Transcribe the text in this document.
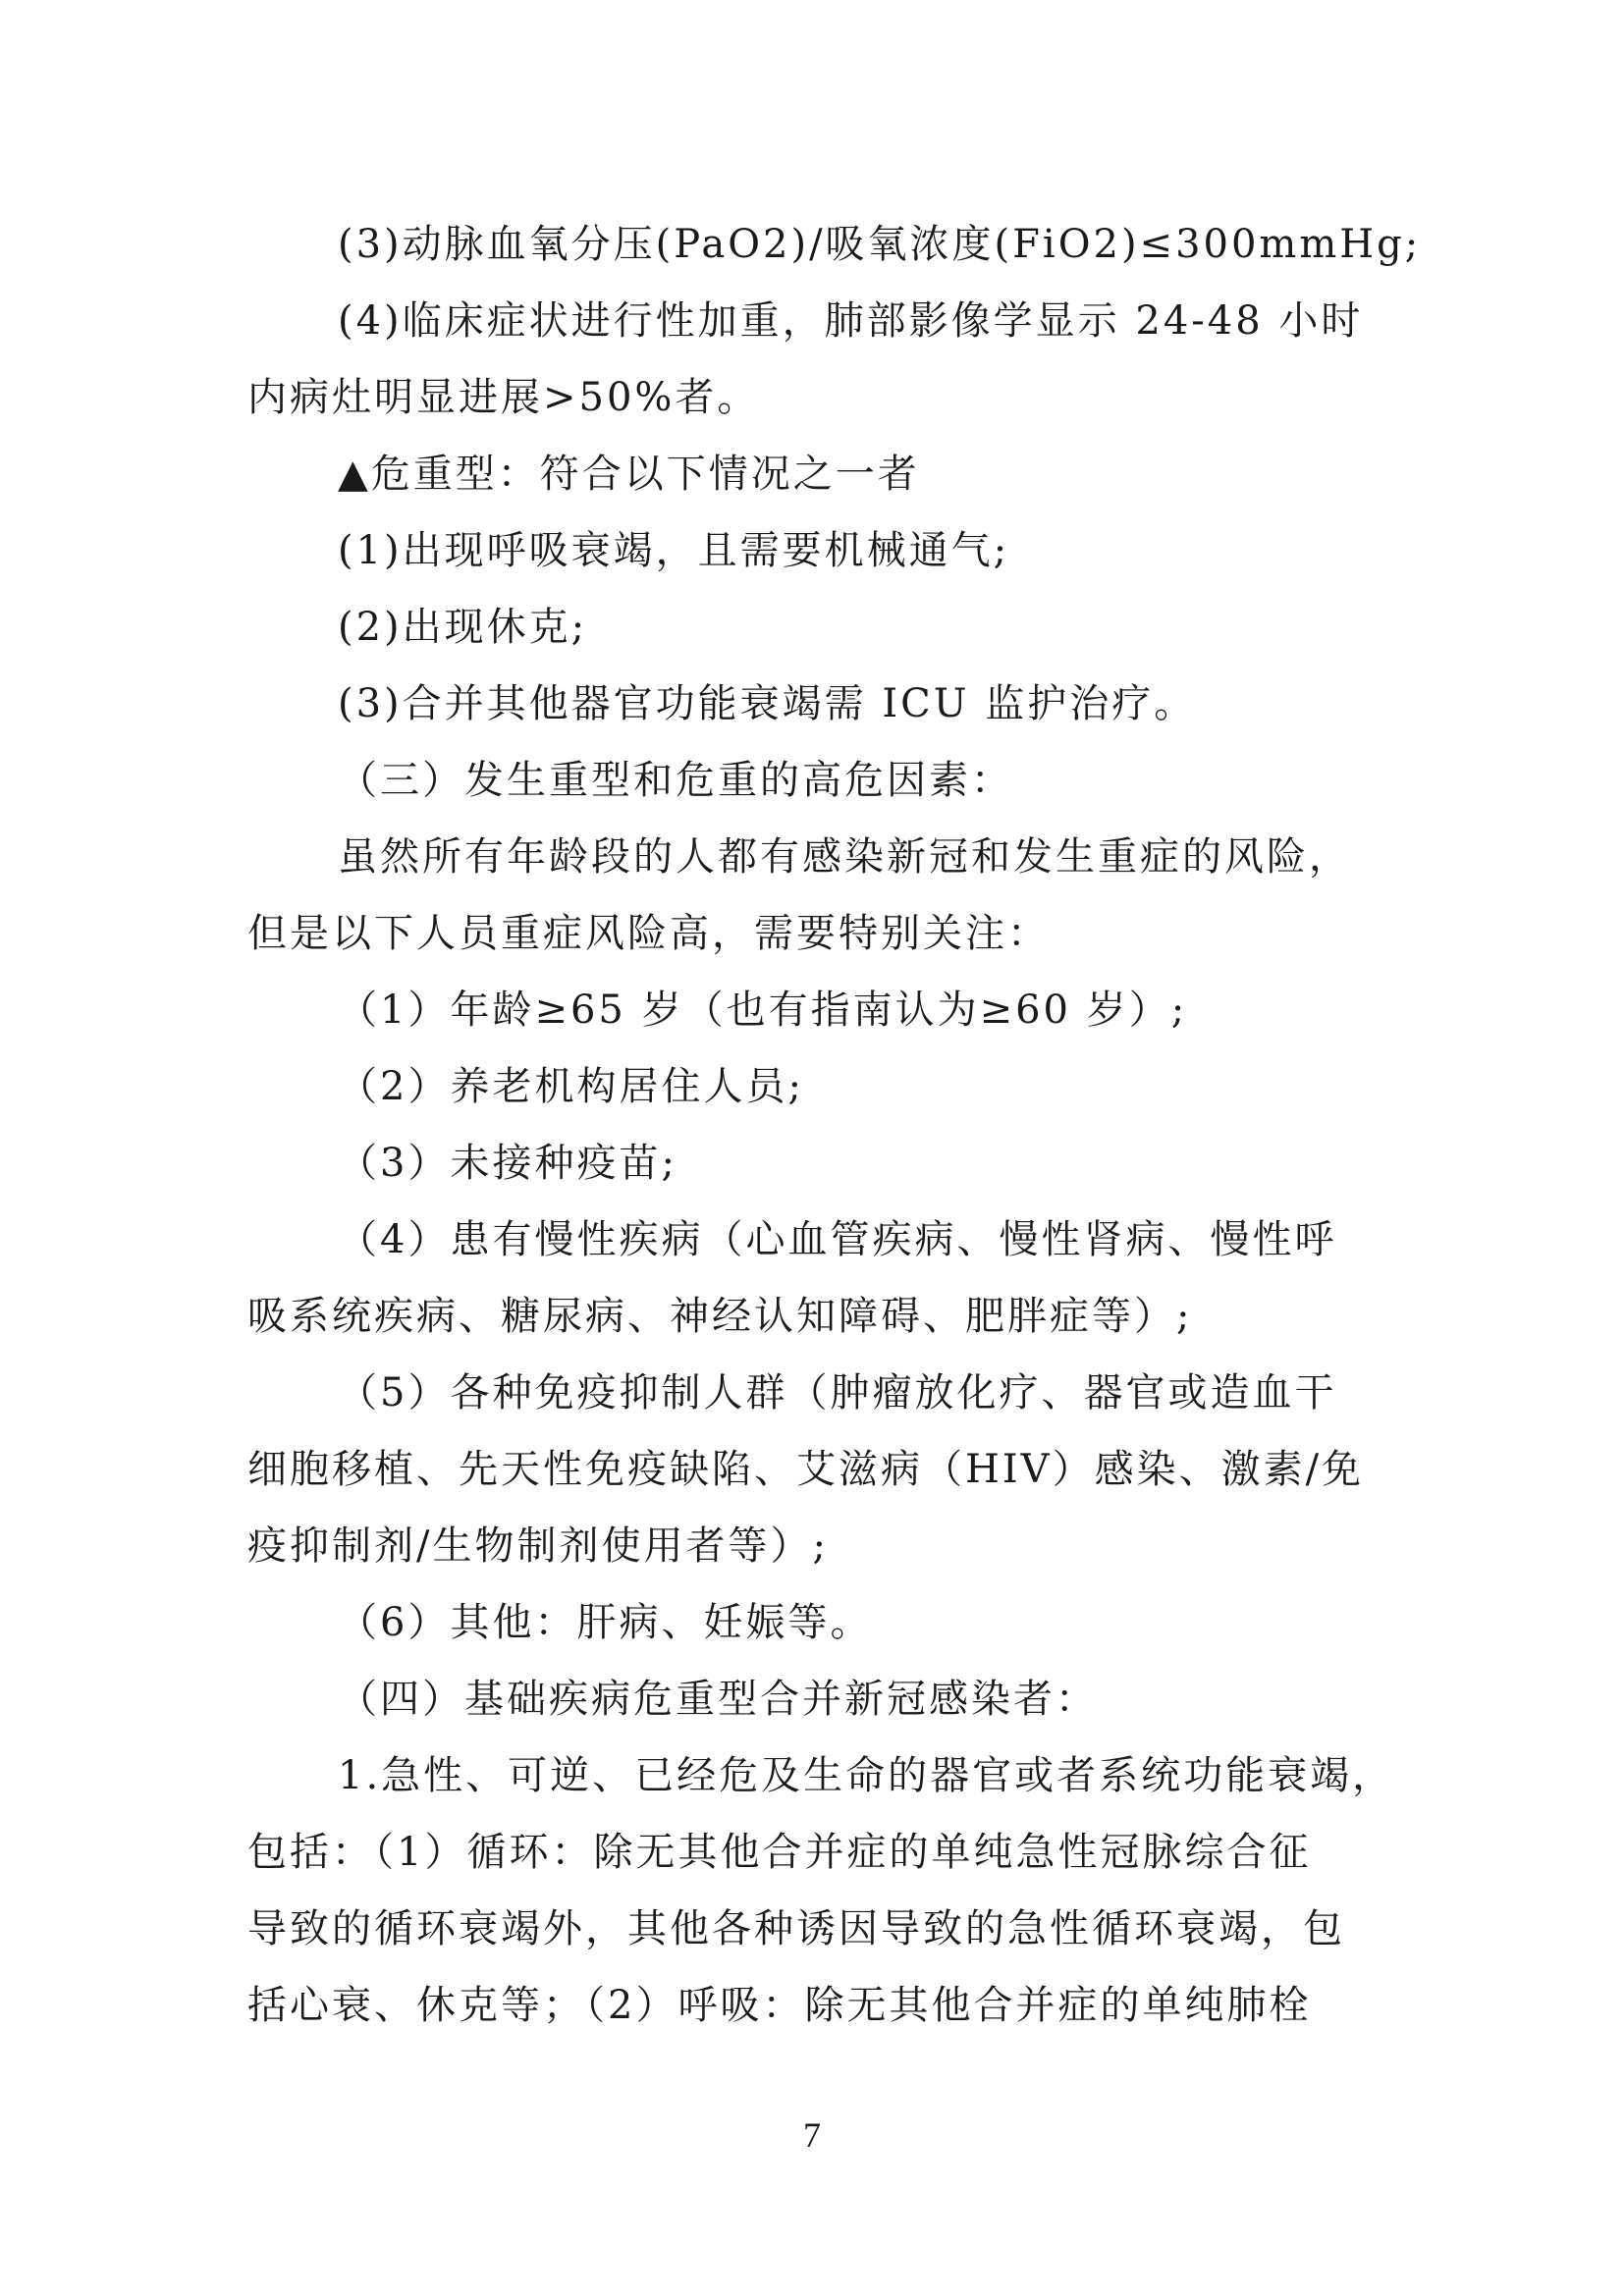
(3)动脉血氧分压(PaO2)/吸氧浓度(FiO2)≤300mmHg;
(4)临床症状进行性加重，肺部影像学显示 24-48 小时
内病灶明显进展>50%者。
▲危重型：符合以下情况之一者
(1)出现呼吸衰竭，且需要机械通气;
(2)出现休克;
(3)合并其他器官功能衰竭需 ICU 监护治疗。
（三）发生重型和危重的高危因素：
虽然所有年龄段的人都有感染新冠和发生重症的风险，
但是以下人员重症风险高，需要特别关注：
（1）年龄≥65 岁（也有指南认为≥60 岁）;
（2）养老机构居住人员;
（3）未接种疫苗;
（4）患有慢性疾病（心血管疾病、慢性肾病、慢性呼
吸系统疾病、糖尿病、神经认知障碍、肥胖症等）;
（5）各种免疫抑制人群（肿瘤放化疗、器官或造血干
细胞移植、先天性免疫缺陷、艾滋病（HIV）感染、激素/免
疫抑制剂/生物制剂使用者等）;
（6）其他：肝病、妊娠等。
（四）基础疾病危重型合并新冠感染者：
1.急性、可逆、已经危及生命的器官或者系统功能衰竭，
包括：（1）循环：除无其他合并症的单纯急性冠脉综合征
导致的循环衰竭外，其他各种诱因导致的急性循环衰竭，包
括心衰、休克等；（2）呼吸：除无其他合并症的单纯肺栓
7
